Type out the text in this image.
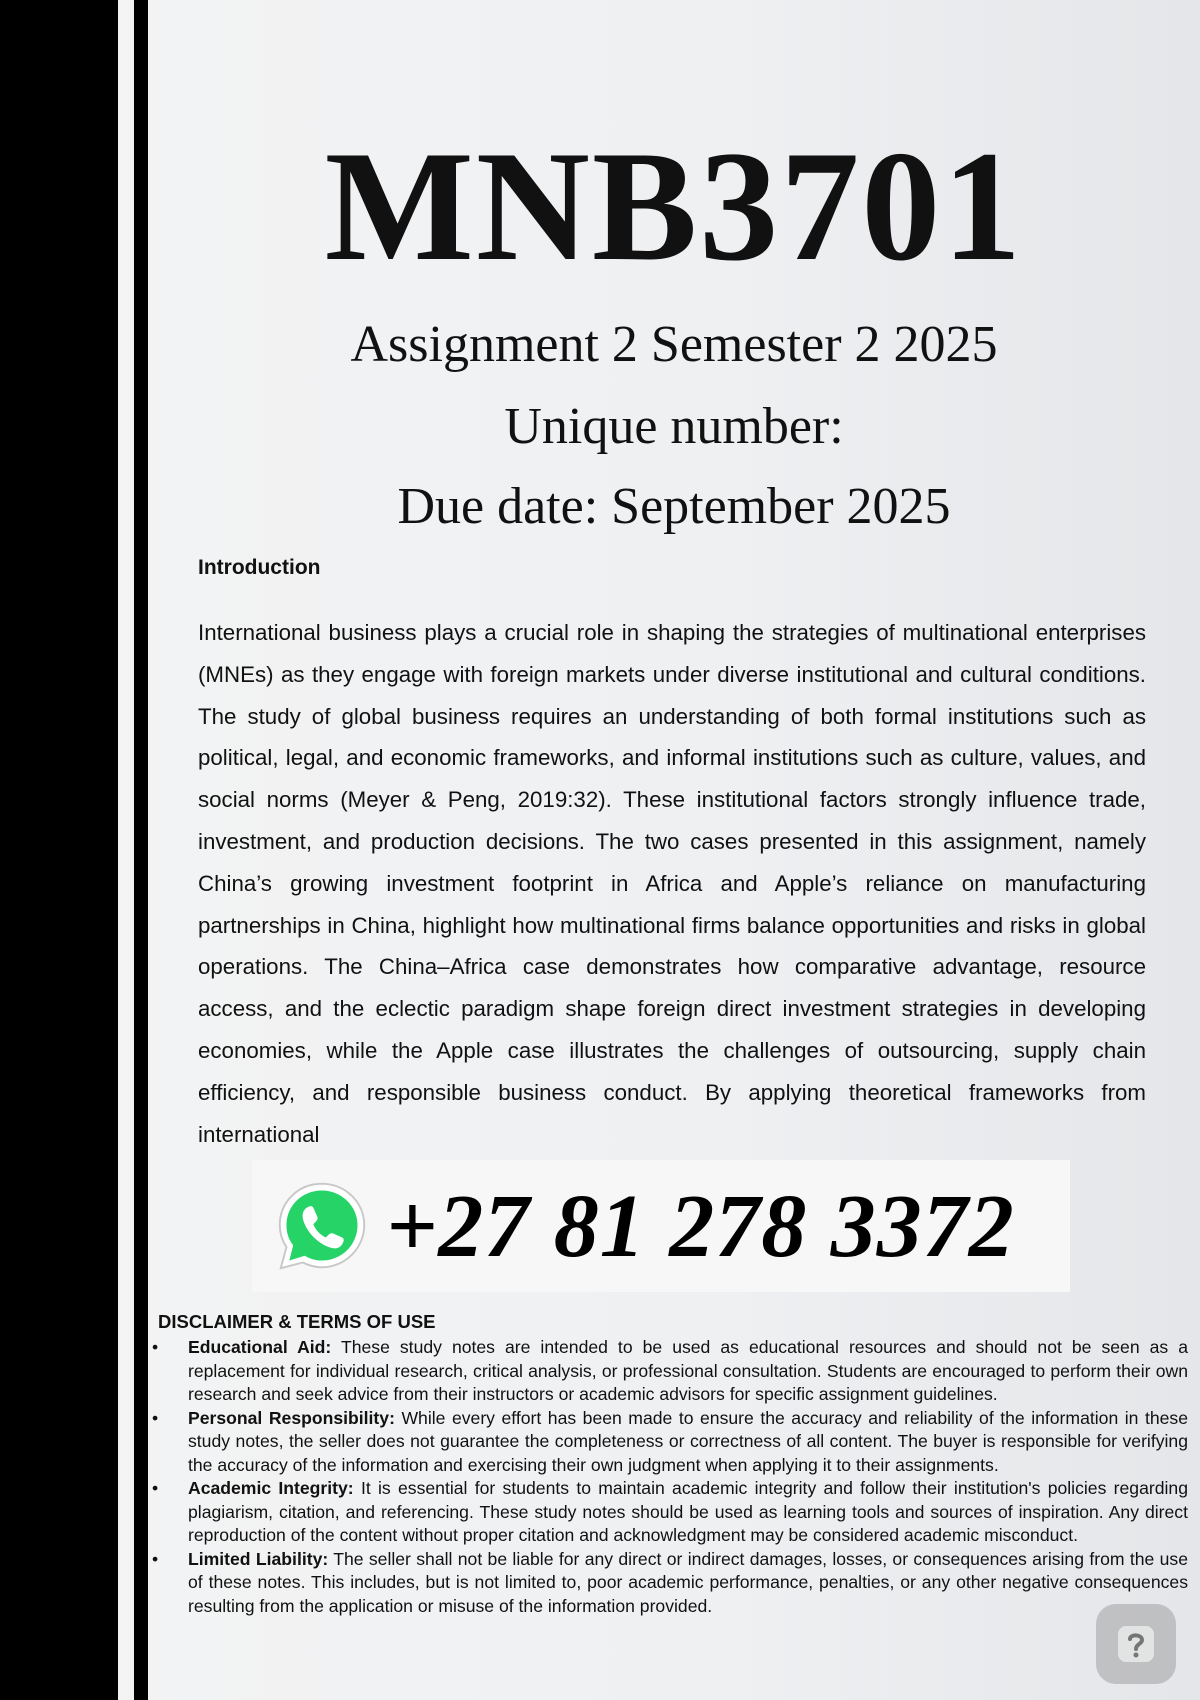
MNB3701
Assignment 2 Semester 2 2025
Unique number:
Due date: September 2025
Introduction

International business plays a crucial role in shaping the strategies of multinational enterprises (MNEs) as they engage with foreign markets under diverse institutional and cultural conditions. The study of global business requires an understanding of both formal institutions such as political, legal, and economic frameworks, and informal institutions such as culture, values, and social norms (Meyer & Peng, 2019:32). These institutional factors strongly influence trade, investment, and production decisions. The two cases presented in this assignment, namely China’s growing investment footprint in Africa and Apple’s reliance on manufacturing partnerships in China, highlight how multinational firms balance opportunities and risks in global operations. The China–Africa case demonstrates how comparative advantage, resource access, and the eclectic paradigm shape foreign direct investment strategies in developing economies, while the Apple case illustrates the challenges of outsourcing, supply chain efficiency, and responsible business conduct. By applying theoretical frameworks from international

+27 81 278 3372
DISCLAIMER & TERMS OF USE
• Educational Aid: These study notes are intended to be used as educational resources and should not be seen as a replacement for individual research, critical analysis, or professional consultation. Students are encouraged to perform their own research and seek advice from their instructors or academic advisors for specific assignment guidelines.
• Personal Responsibility: While every effort has been made to ensure the accuracy and reliability of the information in these study notes, the seller does not guarantee the completeness or correctness of all content. The buyer is responsible for verifying the accuracy of the information and exercising their own judgment when applying it to their assignments.
• Academic Integrity: It is essential for students to maintain academic integrity and follow their institution's policies regarding plagiarism, citation, and referencing. These study notes should be used as learning tools and sources of inspiration. Any direct reproduction of the content without proper citation and acknowledgment may be considered academic misconduct.
• Limited Liability: The seller shall not be liable for any direct or indirect damages, losses, or consequences arising from the use of these notes. This includes, but is not limited to, poor academic performance, penalties, or any other negative consequences resulting from the application or misuse of the information provided.
